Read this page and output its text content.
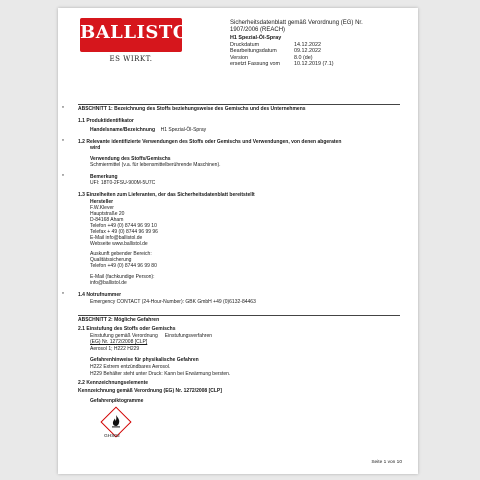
BALLISTOL
ES WIRKT.
Sicherheitsdatenblatt gemäß Verordnung (EG) Nr.
1907/2006 (REACH)
H1 Spezial-Öl-Spray
Druckdatum	14.12.2022
Bearbeitungsdatum	09.12.2022
Version	8.0 (de)
ersetzt Fassung vom	10.12.2019 (7.1)
*	ABSCHNITT 1: Bezeichnung des Stoffs beziehungsweise des Gemischs und des Unternehmens
1.1 Produktidentifikator
Handelsname/Bezeichnung H1 Spezial-Öl-Spray
*	1.2 Relevante identifizierte Verwendungen des Stoffs oder Gemischs und Verwendungen, von denen abgeraten
wird
Verwendung des Stoffs/Gemischs
Schmiermittel (v.a. für lebensmittelberührende Maschinen).
*	Bemerkung
UFI: 18T0-2FSU-900M-5U7C
1.3 Einzelheiten zum Lieferanten, der das Sicherheitsdatenblatt bereitstellt
Hersteller
F.W.Klever
Hauptstraße 20
D-84168 Aham
Telefon +49 (0) 8744 96 99 10
Telefax + 49 (0) 8744 96 99 96
E-Mail info@ballistol.de
Webseite www.ballistol.de
Auskunft gebender Bereich:
Qualitätssicherung
Telefon +49 (0) 8744 96 99 80
E-Mail (fachkundige Person):
info@ballistol.de
*	1.4 Notrufnummer
Emergency CONTACT (24-Hour-Number): GBK GmbH +49 (0)6132-84463
ABSCHNITT 2: Mögliche Gefahren
2.1 Einstufung des Stoffs oder Gemischs
Einstufung gemäß Verordnung Einstufungsverfahren
(EG) Nr. 1272/2008 [CLP]
Aerosol 1; H222 H229
Gefahrenhinweise für physikalische Gefahren
H222 Extrem entzündbares Aerosol.
H229 Behälter steht unter Druck: Kann bei Erwärmung bersten.
2.2 Kennzeichnungselemente
Kennzeichnung gemäß Verordnung (EG) Nr. 1272/2008 [CLP]
Gefahrenpiktogramme
GHS02
Seite 1 von 10
